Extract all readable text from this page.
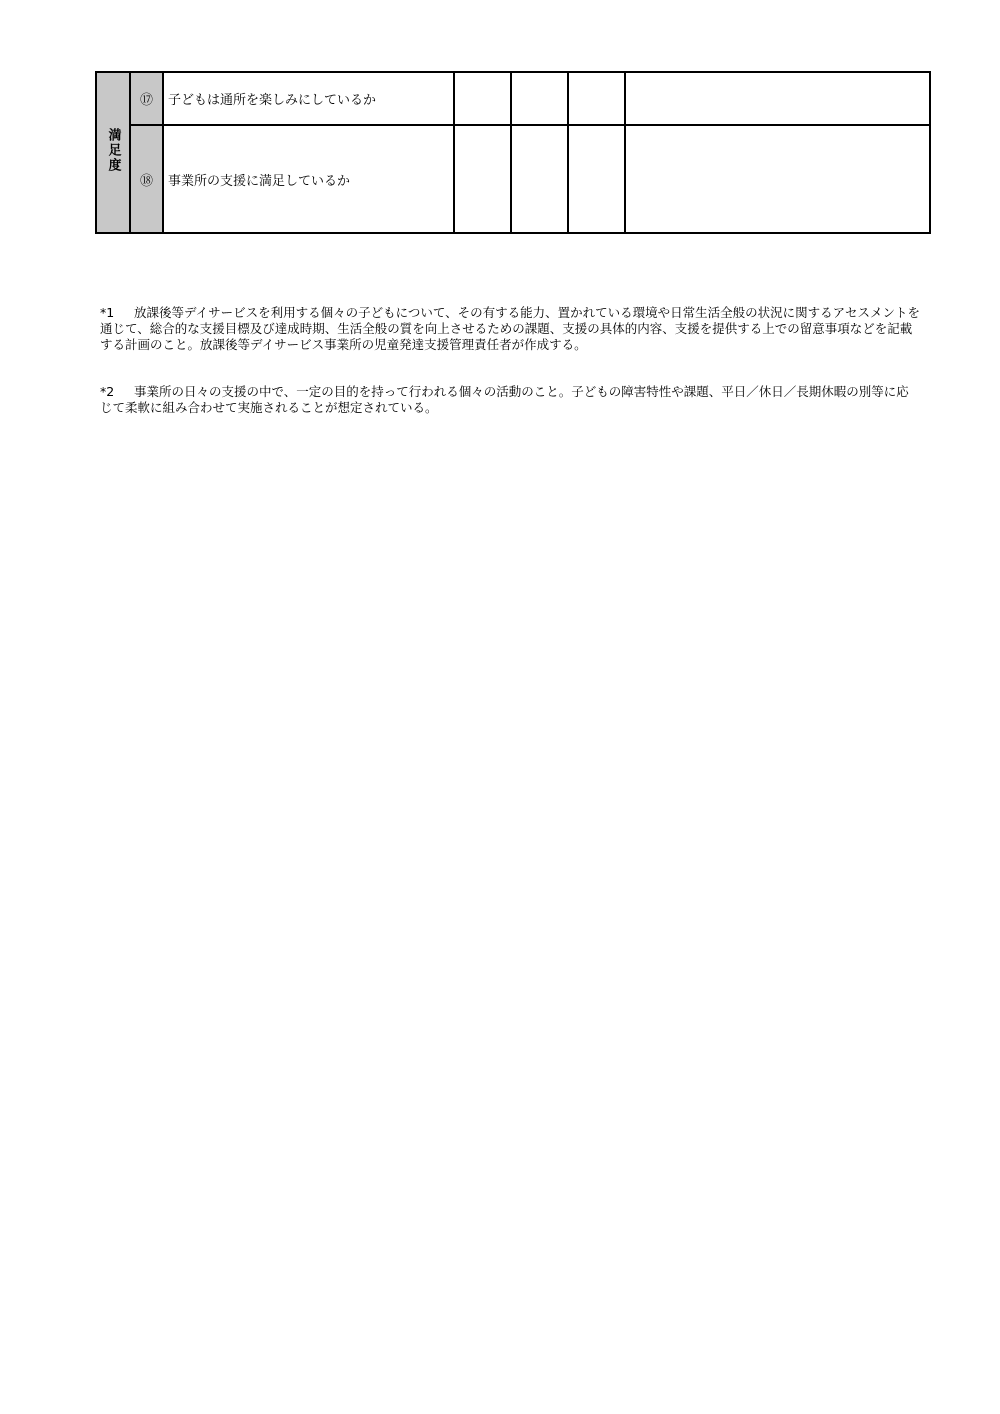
満足度	⑰	子どもは通所を楽しみにしているか				
	⑱	事業所の支援に満足しているか				
*1 放課後等デイサービスを利用する個々の子どもについて、その有する能力、置かれている環境や日常生活全般の状況に関するアセスメントを通じて、総合的な支援目標及び達成時期、生活全般の質を向上させるための課題、支援の具体的内容、支援を提供する上での留意事項などを記載する計画のこと。放課後等デイサービス事業所の児童発達支援管理責任者が作成する。
*2 事業所の日々の支援の中で、一定の目的を持って行われる個々の活動のこと。子どもの障害特性や課題、平日／休日／長期休暇の別等に応じて柔軟に組み合わせて実施されることが想定されている。
